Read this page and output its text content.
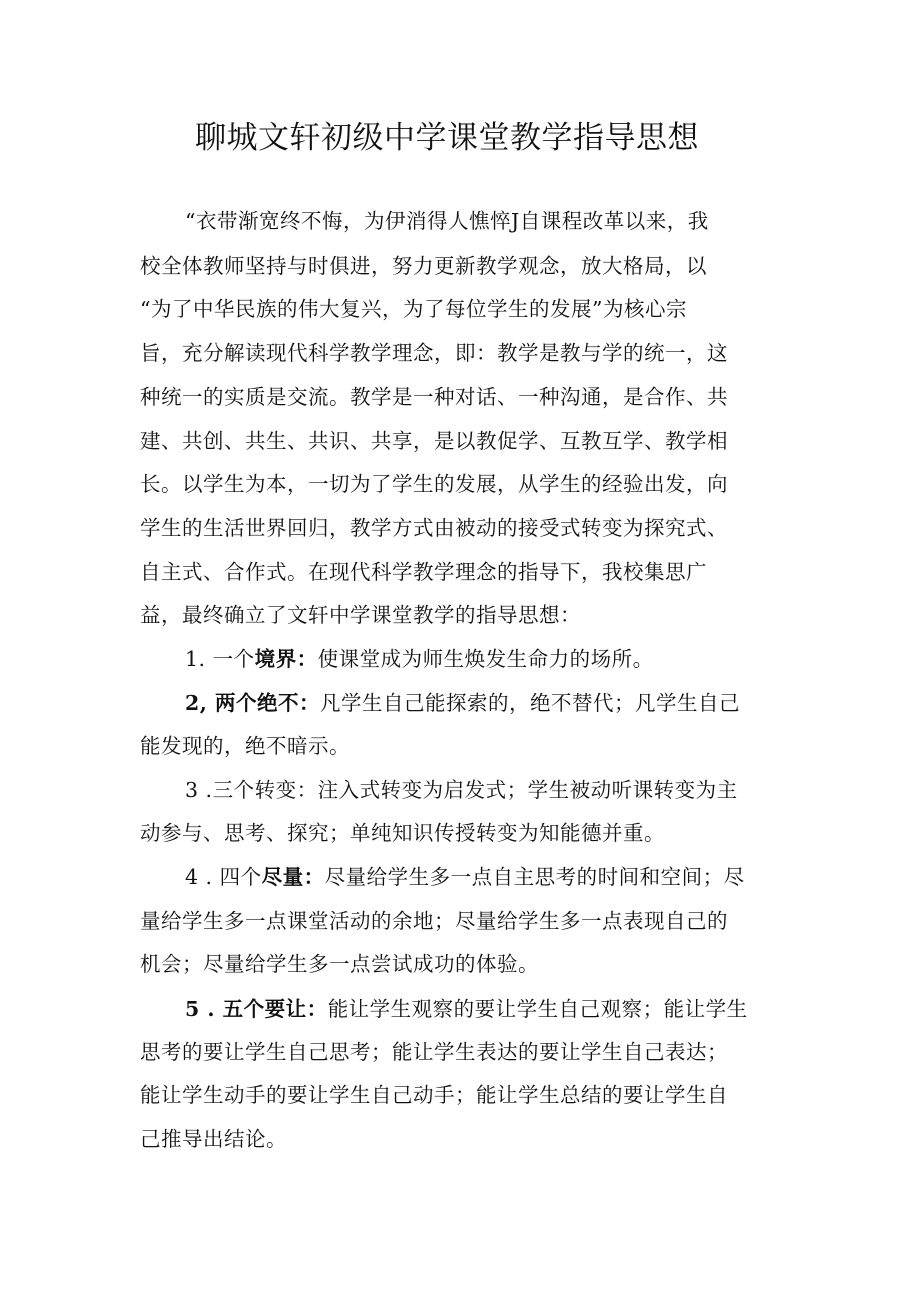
聊城文轩初级中学课堂教学指导思想
“衣带渐宽终不悔，为伊消得人憔悴J自课程改革以来，我
校全体教师坚持与时俱进，努力更新教学观念，放大格局，以
“为了中华民族的伟大复兴，为了每位学生的发展”为核心宗
旨，充分解读现代科学教学理念，即：教学是教与学的统一，这
种统一的实质是交流。教学是一种对话、一种沟通，是合作、共
建、共创、共生、共识、共享，是以教促学、互教互学、教学相
长。以学生为本，一切为了学生的发展，从学生的经验出发，向
学生的生活世界回归，教学方式由被动的接受式转变为探究式、
自主式、合作式。在现代科学教学理念的指导下，我校集思广
益，最终确立了文轩中学课堂教学的指导思想：
1. 一个境界：使课堂成为师生焕发生命力的场所。
2, 两个绝不：凡学生自己能探索的，绝不替代；凡学生自己
能发现的，绝不暗示。
3 .三个转变：注入式转变为启发式；学生被动听课转变为主
动参与、思考、探究；单纯知识传授转变为知能德并重。
4 . 四个尽量：尽量给学生多一点自主思考的时间和空间；尽
量给学生多一点课堂活动的余地；尽量给学生多一点表现自己的
机会；尽量给学生多一点尝试成功的体验。
5 . 五个要让：能让学生观察的要让学生自己观察；能让学生
思考的要让学生自己思考；能让学生表达的要让学生自己表达；
能让学生动手的要让学生自己动手；能让学生总结的要让学生自
己推导出结论。
